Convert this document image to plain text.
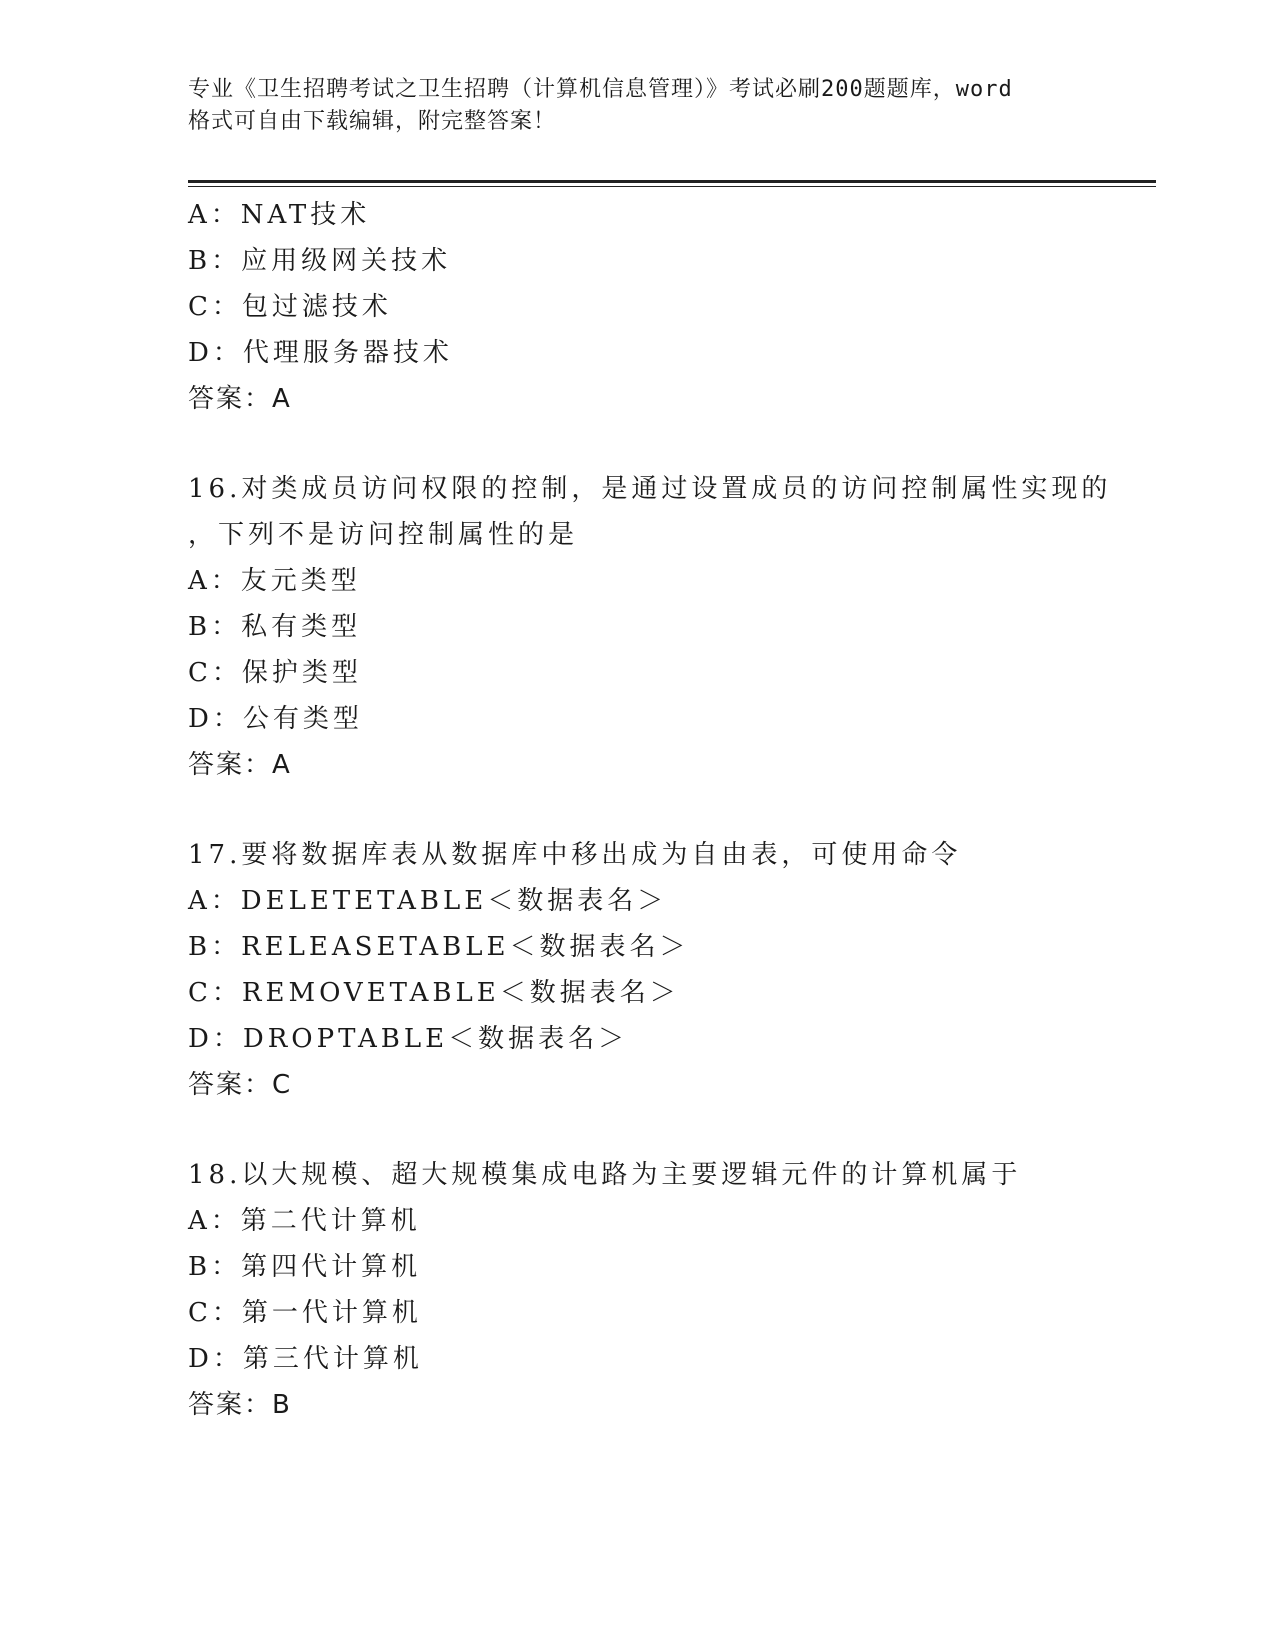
专业《卫生招聘考试之卫生招聘（计算机信息管理）》考试必刷200题题库，word
格式可自由下载编辑，附完整答案！
A：NAT技术
B：应用级网关技术
C：包过滤技术
D：代理服务器技术
答案：A
16.对类成员访问权限的控制，是通过设置成员的访问控制属性实现的
，下列不是访问控制属性的是
A：友元类型
B：私有类型
C：保护类型
D：公有类型
答案：A
17.要将数据库表从数据库中移出成为自由表，可使用命令
A：DELETETABLE＜数据表名＞
B：RELEASETABLE＜数据表名＞
C：REMOVETABLE＜数据表名＞
D：DROPTABLE＜数据表名＞
答案：C
18.以大规模、超大规模集成电路为主要逻辑元件的计算机属于
A：第二代计算机
B：第四代计算机
C：第一代计算机
D：第三代计算机
答案：B
